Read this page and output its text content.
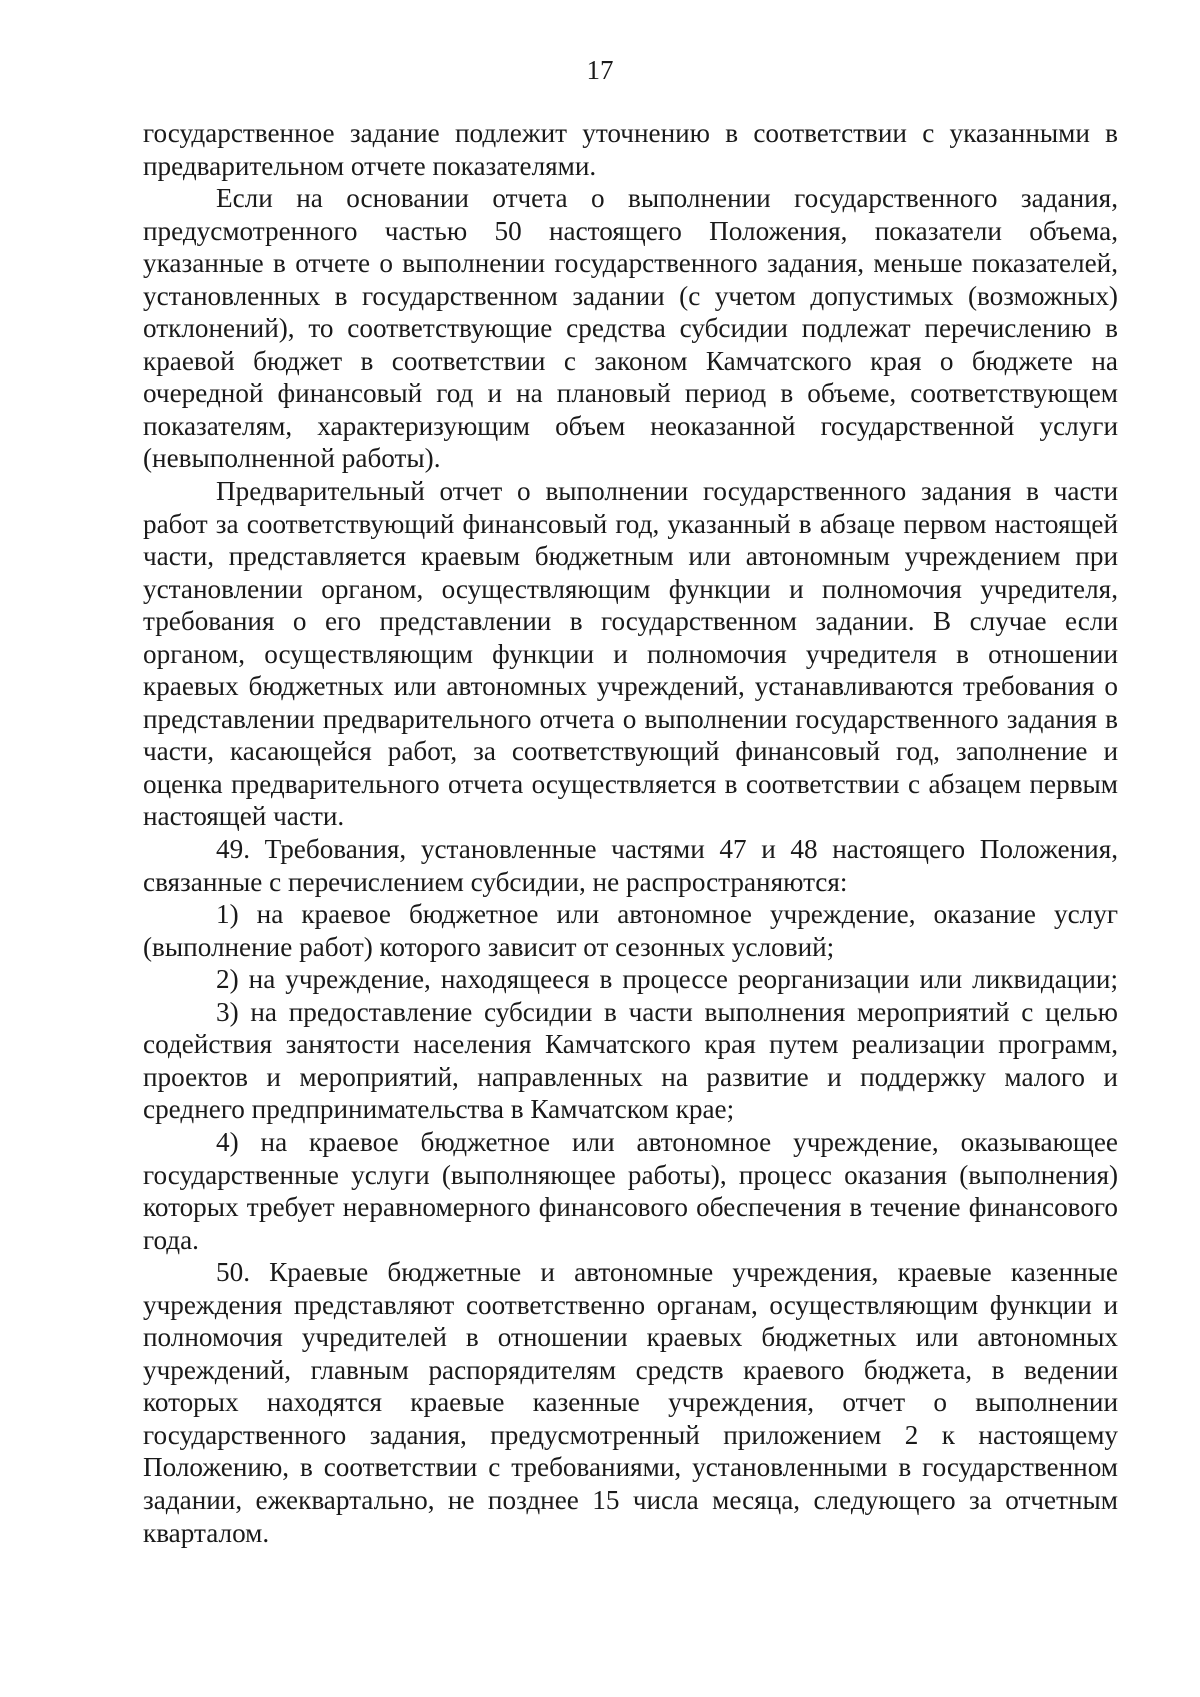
17

государственное задание подлежит уточнению в соответствии с указанными в предварительном отчете показателями.

Если на основании отчета о выполнении государственного задания, предусмотренного частью 50 настоящего Положения, показатели объема, указанные в отчете о выполнении государственного задания, меньше показателей, установленных в государственном задании (с учетом допустимых (возможных) отклонений), то соответствующие средства субсидии подлежат перечислению в краевой бюджет в соответствии с законом Камчатского края о бюджете на очередной финансовый год и на плановый период в объеме, соответствующем показателям, характеризующим объем неоказанной государственной услуги (невыполненной работы).

Предварительный отчет о выполнении государственного задания в части работ за соответствующий финансовый год, указанный в абзаце первом настоящей части, представляется краевым бюджетным или автономным учреждением при установлении органом, осуществляющим функции и полномочия учредителя, требования о его представлении в государственном задании. В случае если органом, осуществляющим функции и полномочия учредителя в отношении краевых бюджетных или автономных учреждений, устанавливаются требования о представлении предварительного отчета о выполнении государственного задания в части, касающейся работ, за соответствующий финансовый год, заполнение и оценка предварительного отчета осуществляется в соответствии с абзацем первым настоящей части.

49. Требования, установленные частями 47 и 48 настоящего Положения, связанные с перечислением субсидии, не распространяются:

1) на краевое бюджетное или автономное учреждение, оказание услуг (выполнение работ) которого зависит от сезонных условий;

2) на учреждение, находящееся в процессе реорганизации или ликвидации;

3) на предоставление субсидии в части выполнения мероприятий с целью содействия занятости населения Камчатского края путем реализации программ, проектов и мероприятий, направленных на развитие и поддержку малого и среднего предпринимательства в Камчатском крае;

4) на краевое бюджетное или автономное учреждение, оказывающее государственные услуги (выполняющее работы), процесс оказания (выполнения) которых требует неравномерного финансового обеспечения в течение финансового года.

50. Краевые бюджетные и автономные учреждения, краевые казенные учреждения представляют соответственно органам, осуществляющим функции и полномочия учредителей в отношении краевых бюджетных или автономных учреждений, главным распорядителям средств краевого бюджета, в ведении которых находятся краевые казенные учреждения, отчет о выполнении государственного задания, предусмотренный приложением 2 к настоящему Положению, в соответствии с требованиями, установленными в государственном задании, ежеквартально, не позднее 15 числа месяца, следующего за отчетным кварталом.
